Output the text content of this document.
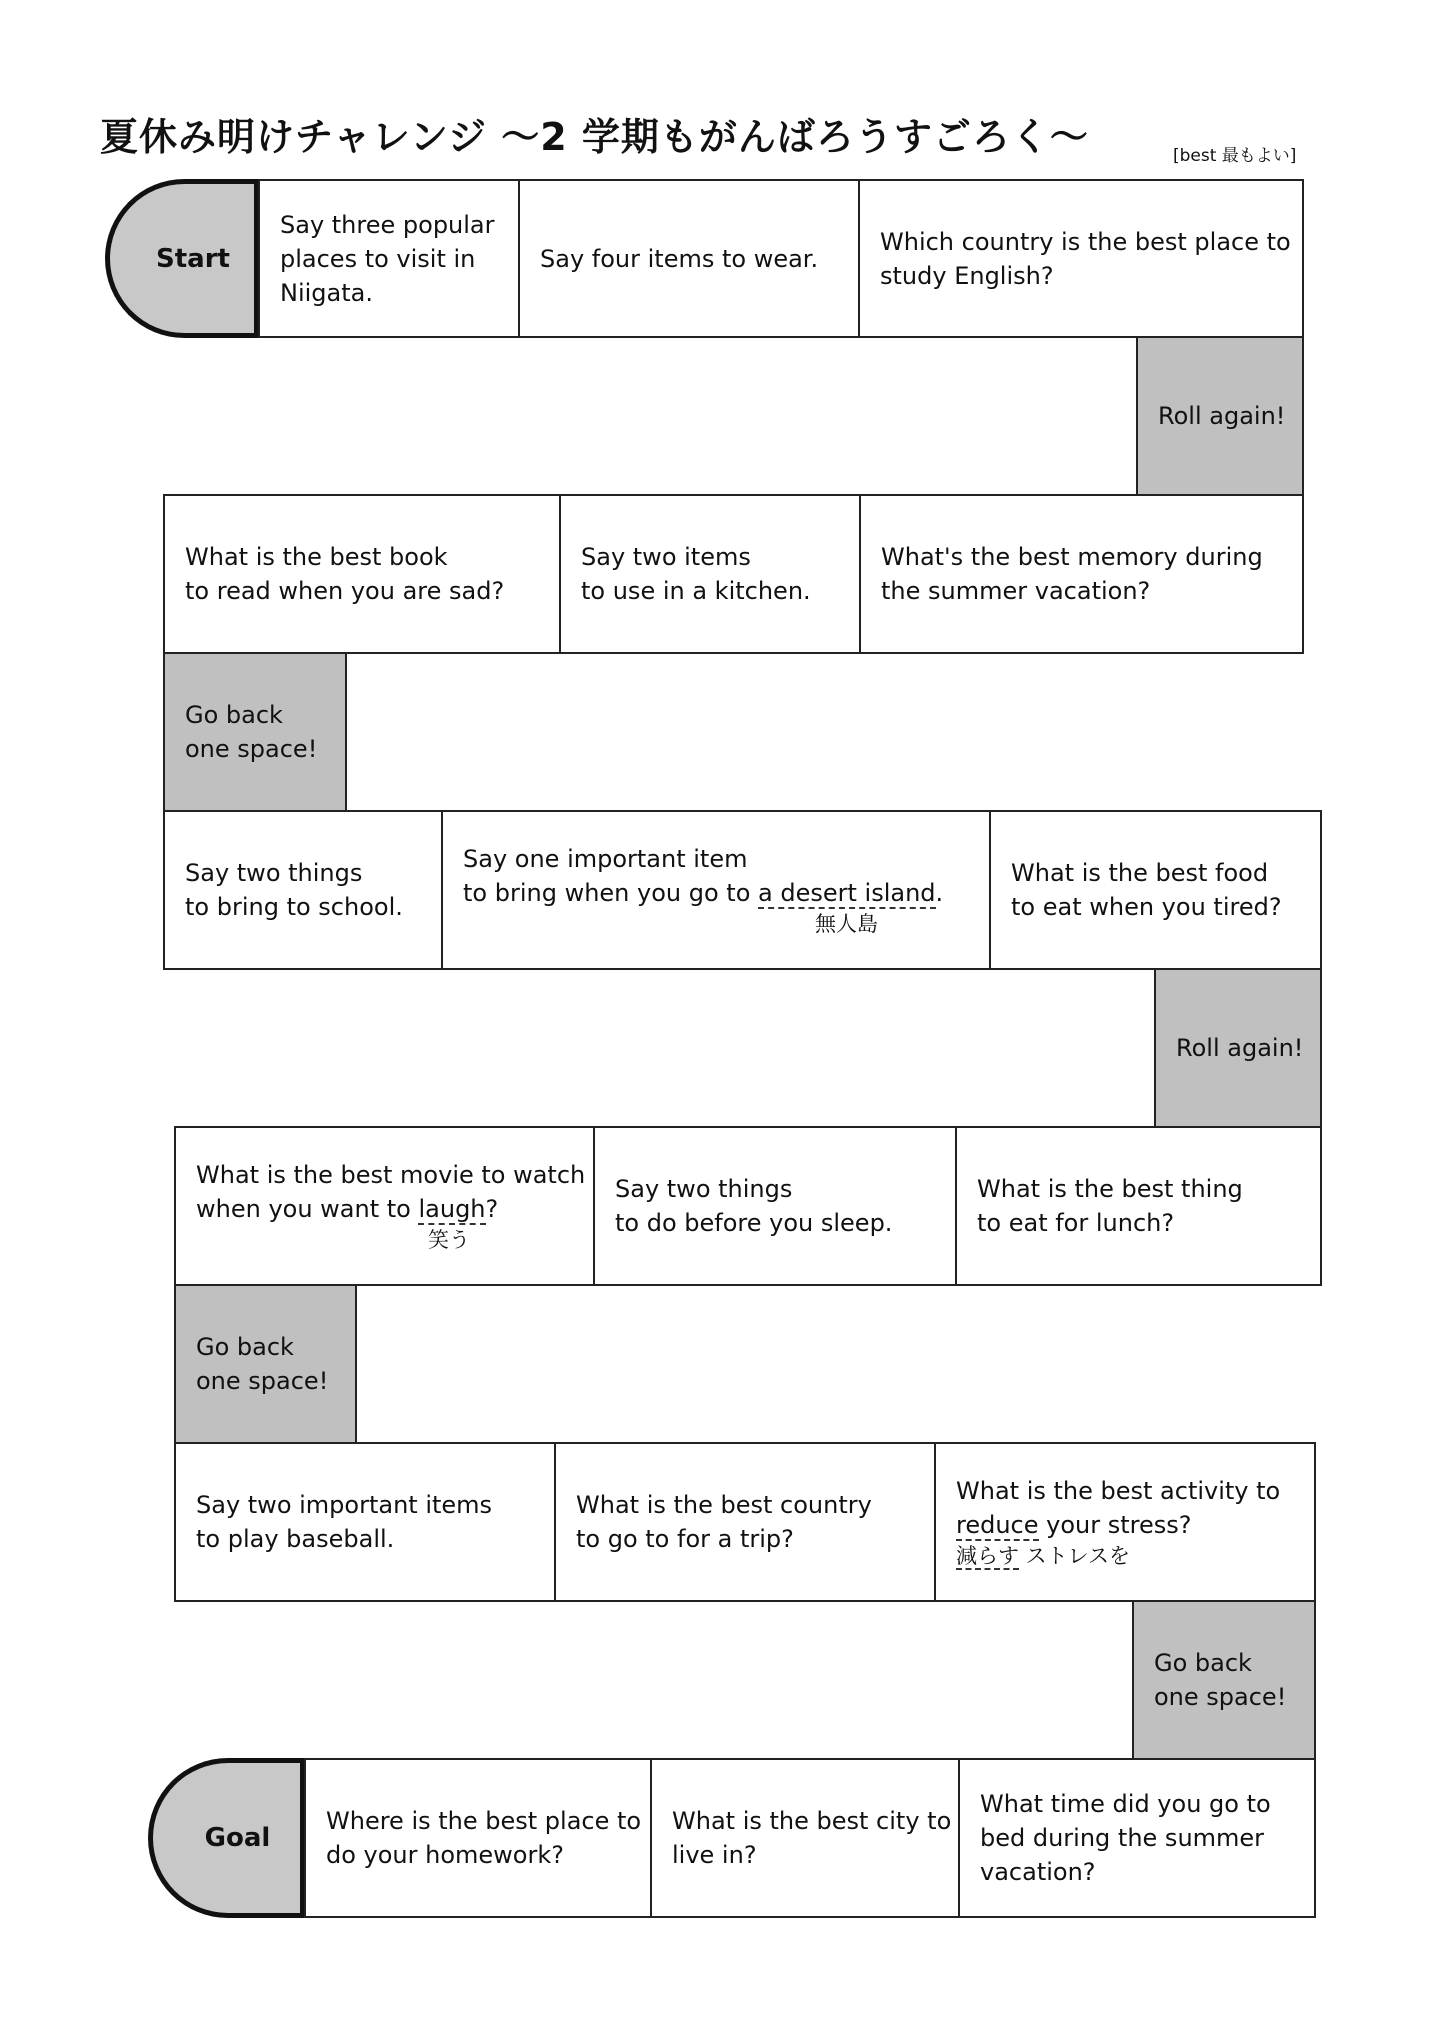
夏休み明けチャレンジ ～2 学期もがんばろうすごろく～	[best 最もよい]
Start
Say three popular
places to visit in
Niigata.
Say four items to wear.
Which country is the best place to
study English?
Roll again!
What is the best book
to read when you are sad?
Say two items
to use in a kitchen.
What's the best memory during
the summer vacation?
Go back
one space!
Say two things
to bring to school.
Say one important item
to bring when you go to a desert island.
無人島
What is the best food
to eat when you tired?
Roll again!
What is the best movie to watch
when you want to laugh?
笑う
Say two things
to do before you sleep.
What is the best thing
to eat for lunch?
Go back
one space!
Say two important items
to play baseball.
What is the best country
to go to for a trip?
What is the best activity to
reduce your stress?
減らす ストレスを
Go back
one space!
Goal
Where is the best place to
do your homework?
What is the best city to
live in?
What time did you go to
bed during the summer
vacation?
